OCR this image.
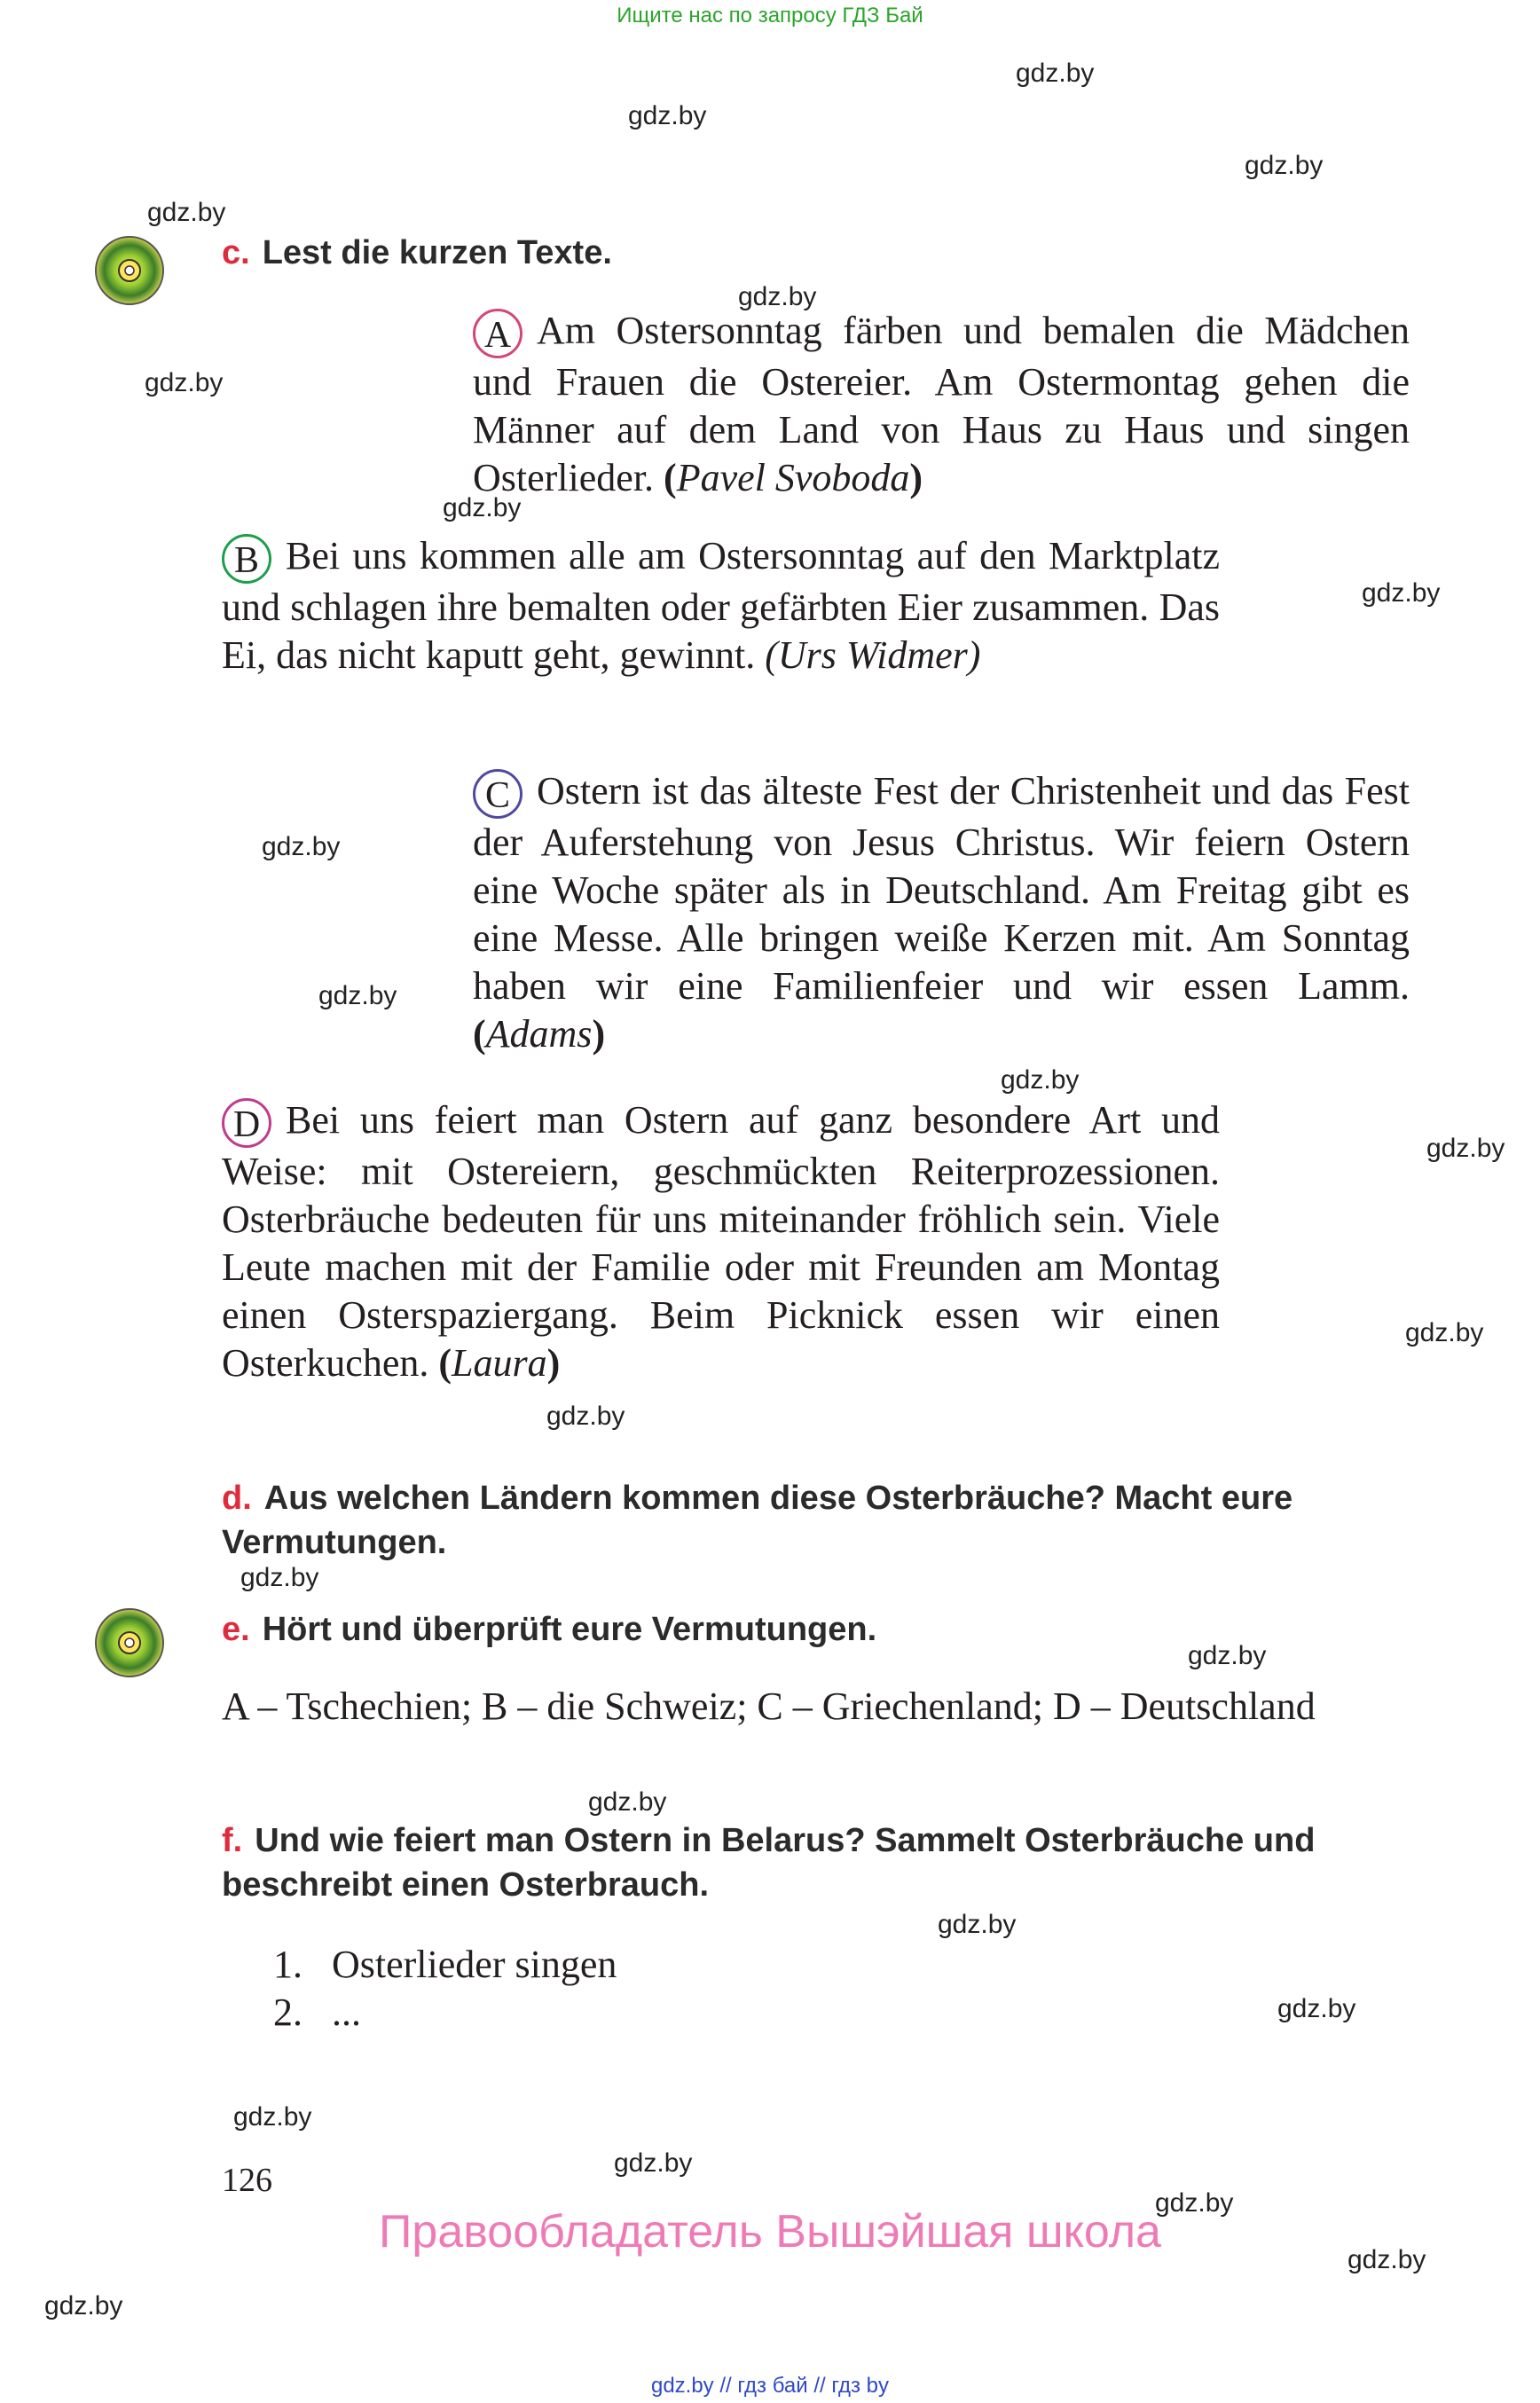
Ищите нас по запросу ГДЗ Бай
gdz.by
gdz.by
gdz.by
gdz.by
gdz.by
gdz.by
gdz.by
gdz.by
gdz.by
gdz.by
gdz.by
gdz.by
gdz.by
gdz.by
gdz.by
gdz.by
gdz.by
gdz.by
gdz.by
gdz.by
gdz.by
gdz.by
gdz.by
gdz.by
c. Lest die kurzen Texte.
A Am Ostersonntag färben und bemalen die Mädchen und Frauen die Ostereier. Am Ostermontag gehen die Männer auf dem Land von Haus zu Haus und singen Osterlieder. (Pavel Svoboda)
B Bei uns kommen alle am Ostersonntag auf den Marktplatz und schlagen ihre bemalten oder gefärbten Eier zusammen. Das Ei, das nicht kaputt geht, gewinnt. (Urs Widmer)
C Ostern ist das älteste Fest der Christenheit und das Fest der Auferstehung von Jesus Christus. Wir feiern Ostern eine Woche später als in Deutschland. Am Freitag gibt es eine Messe. Alle bringen weiße Kerzen mit. Am Sonntag haben wir eine Familienfeier und wir essen Lamm. (Adams)
D Bei uns feiert man Ostern auf ganz besondere Art und Weise: mit Ostereiern, geschmückten Reiterprozessionen. Osterbräuche bedeuten für uns miteinander fröhlich sein. Viele Leute machen mit der Familie oder mit Freunden am Montag einen Osterspaziergang. Beim Picknick essen wir einen Osterkuchen. (Laura)
d. Aus welchen Ländern kommen diese Osterbräuche? Macht eure Vermutungen.
e. Hört und überprüft eure Vermutungen.
A – Tschechien; B – die Schweiz; C – Griechenland; D – Deutschland
f. Und wie feiert man Ostern in Belarus? Sammelt Osterbräuche und beschreibt einen Osterbrauch.
1. Osterlieder singen
2. ...
126
Правообладатель Вышэйшая школа
gdz.by // гдз бай // гдз by
